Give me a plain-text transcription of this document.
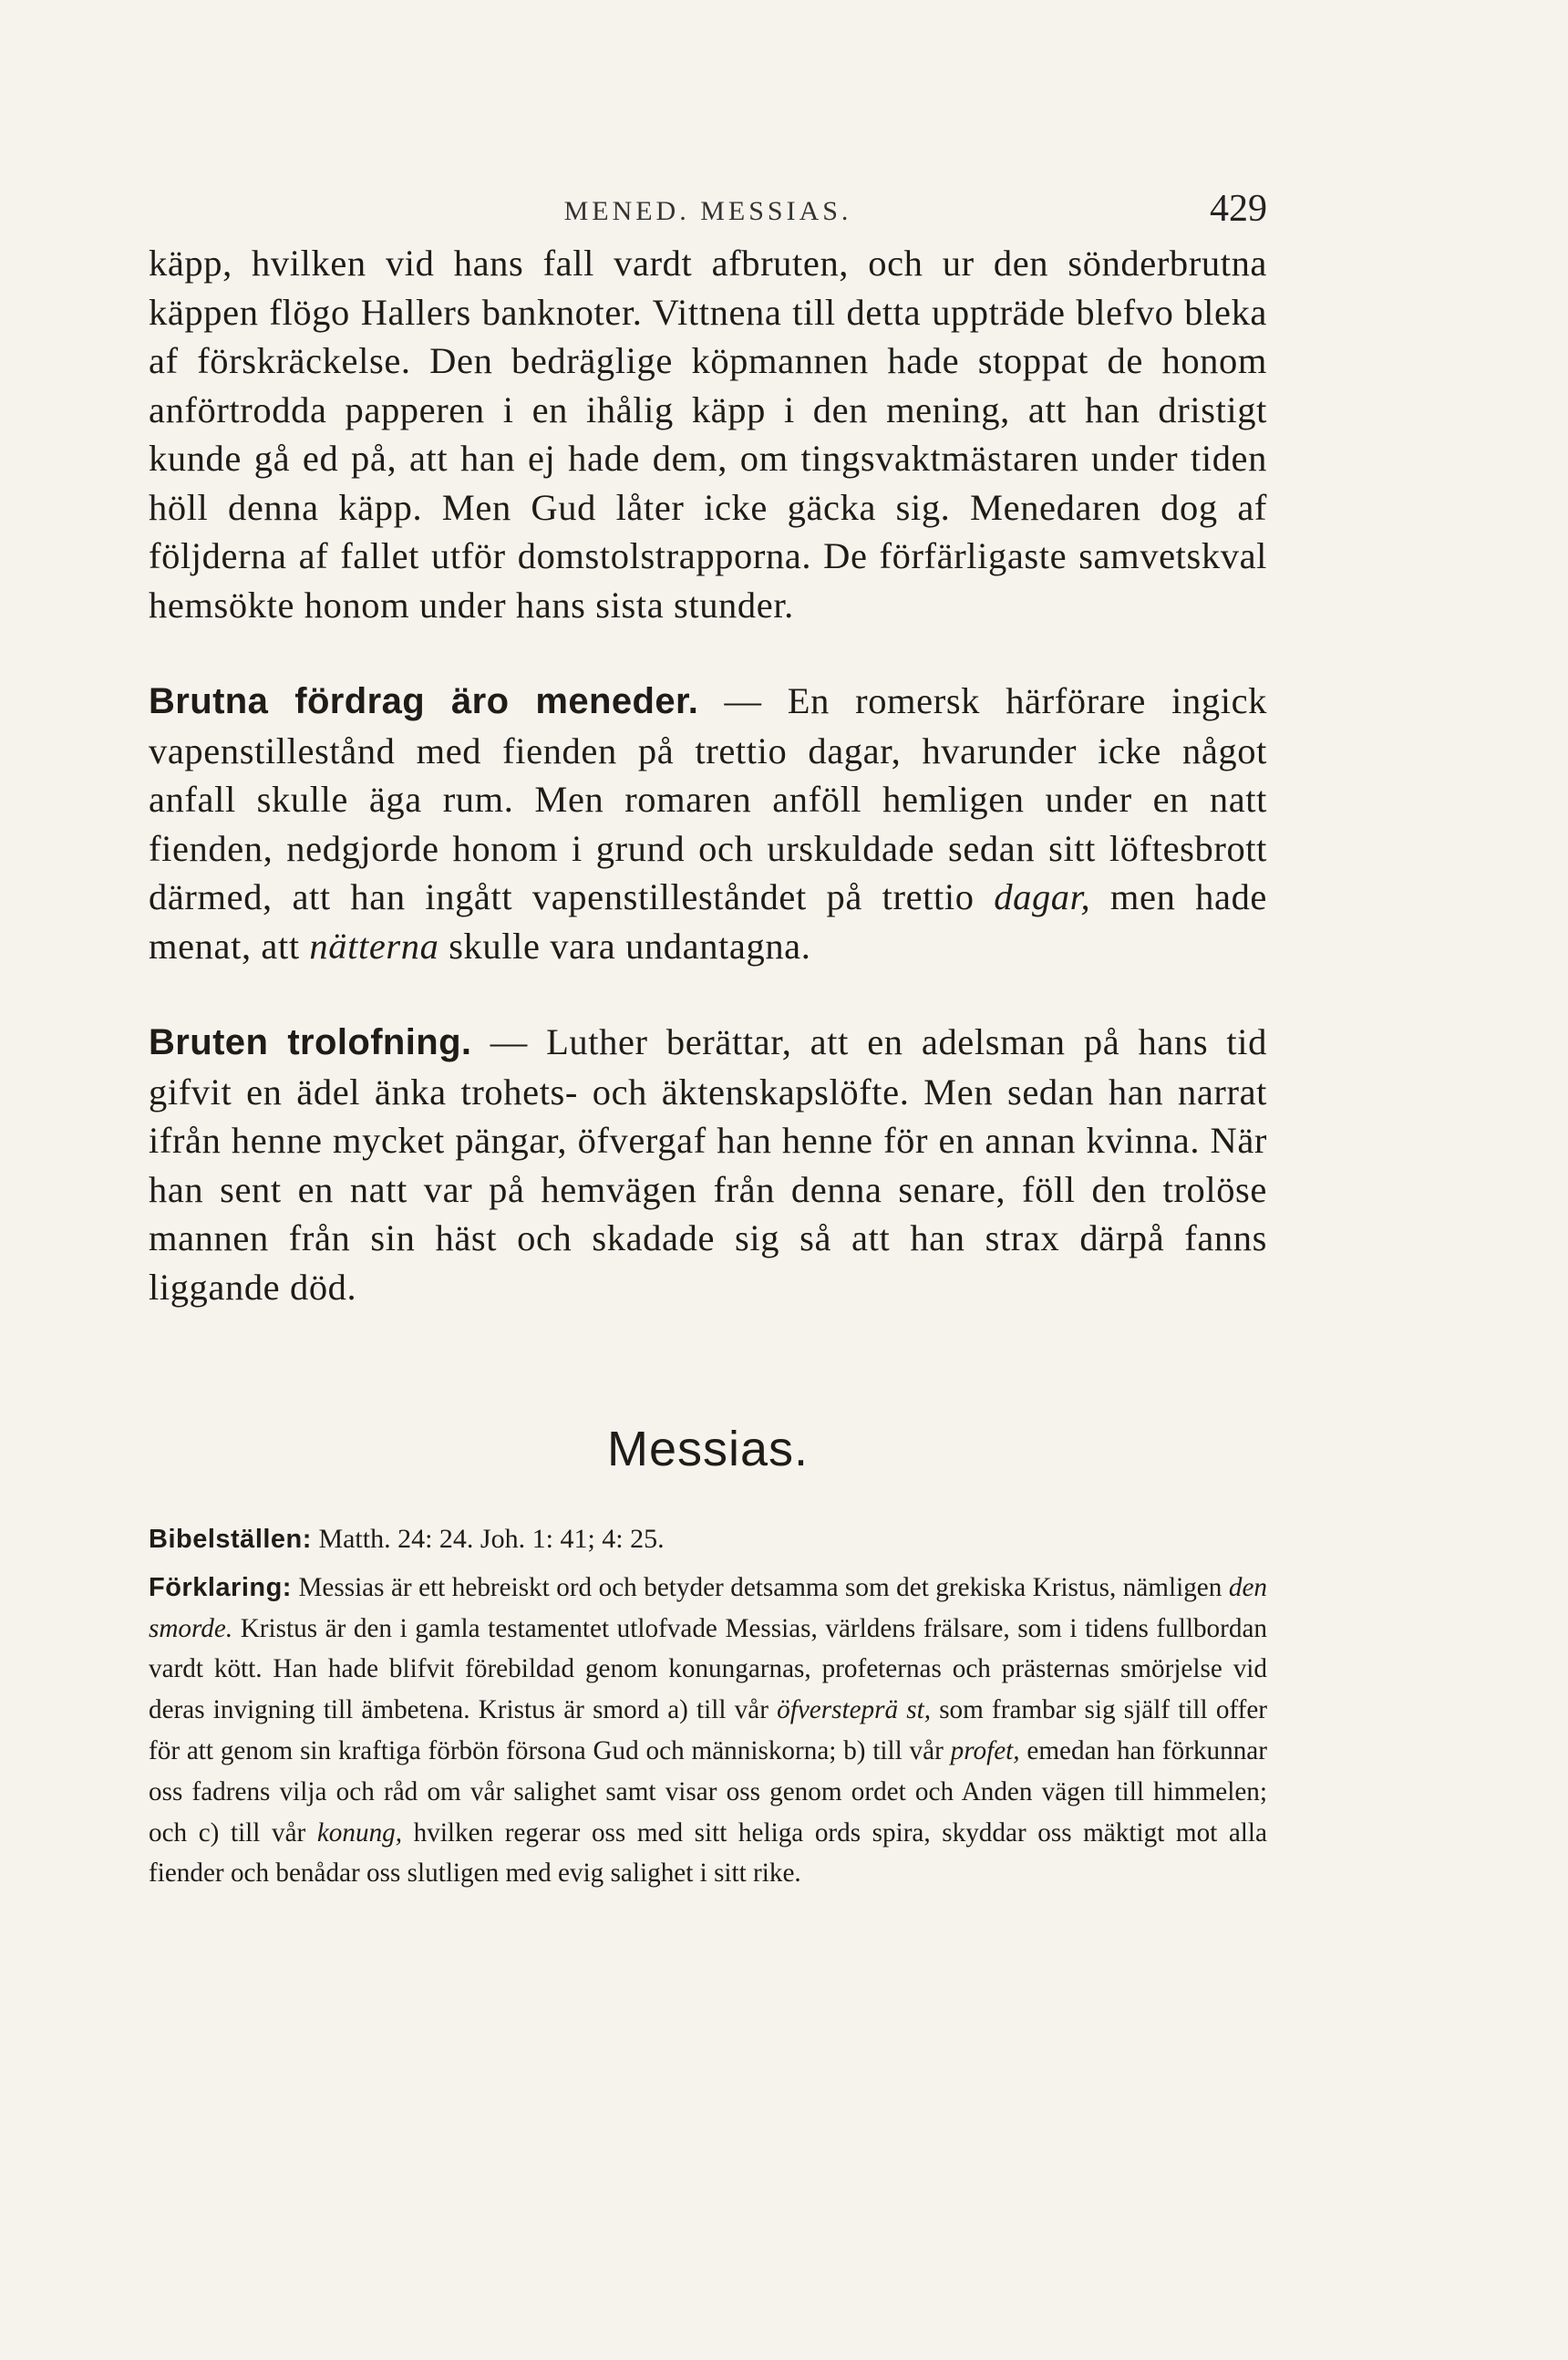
MENED. MESSIAS.	429

käpp, hvilken vid hans fall vardt afbruten, och ur den sönderbrutna käppen flögo Hallers banknoter. Vittnena till detta uppträde blefvo bleka af förskräckelse. Den bedräglige köpmannen hade stoppat de honom anförtrodda papperen i en ihålig käpp i den mening, att han dristigt kunde gå ed på, att han ej hade dem, om tingsvaktmästaren under tiden höll denna käpp. Men Gud låter icke gäcka sig. Menedaren dog af följderna af fallet utför domstolstrapporna. De förfärligaste samvetskval hemsökte honom under hans sista stunder.

Brutna fördrag äro meneder. — En romersk härförare ingick vapenstillestånd med fienden på trettio dagar, hvarunder icke något anfall skulle äga rum. Men romaren anföll hemligen under en natt fienden, nedgjorde honom i grund och urskuldade sedan sitt löftesbrott därmed, att han ingått vapenstilleståndet på trettio dagar, men hade menat, att nätterna skulle vara undantagna.

Bruten trolofning. — Luther berättar, att en adelsman på hans tid gifvit en ädel änka trohets- och äktenskapslöfte. Men sedan han narrat ifrån henne mycket pängar, öfvergaf han henne för en annan kvinna. När han sent en natt var på hemvägen från denna senare, föll den trolöse mannen från sin häst och skadade sig så att han strax därpå fanns liggande död.

Messias.

Bibelställen: Matth. 24: 24. Joh. 1: 41; 4: 25.

Förklaring: Messias är ett hebreiskt ord och betyder detsamma som det grekiska Kristus, nämligen den smorde. Kristus är den i gamla testamentet utlofvade Messias, världens frälsare, som i tidens fullbordan vardt kött. Han hade blifvit förebildad genom konungarnas, profeternas och prästernas smörjelse vid deras invigning till ämbetena. Kristus är smord a) till vår öfversteprä st, som frambar sig själf till offer för att genom sin kraftiga förbön försona Gud och människorna; b) till vår profet, emedan han förkunnar oss fadrens vilja och råd om vår salighet samt visar oss genom ordet och Anden vägen till himmelen; och c) till vår konung, hvilken regerar oss med sitt heliga ords spira, skyddar oss mäktigt mot alla fiender och benådar oss slutligen med evig salighet i sitt rike.
